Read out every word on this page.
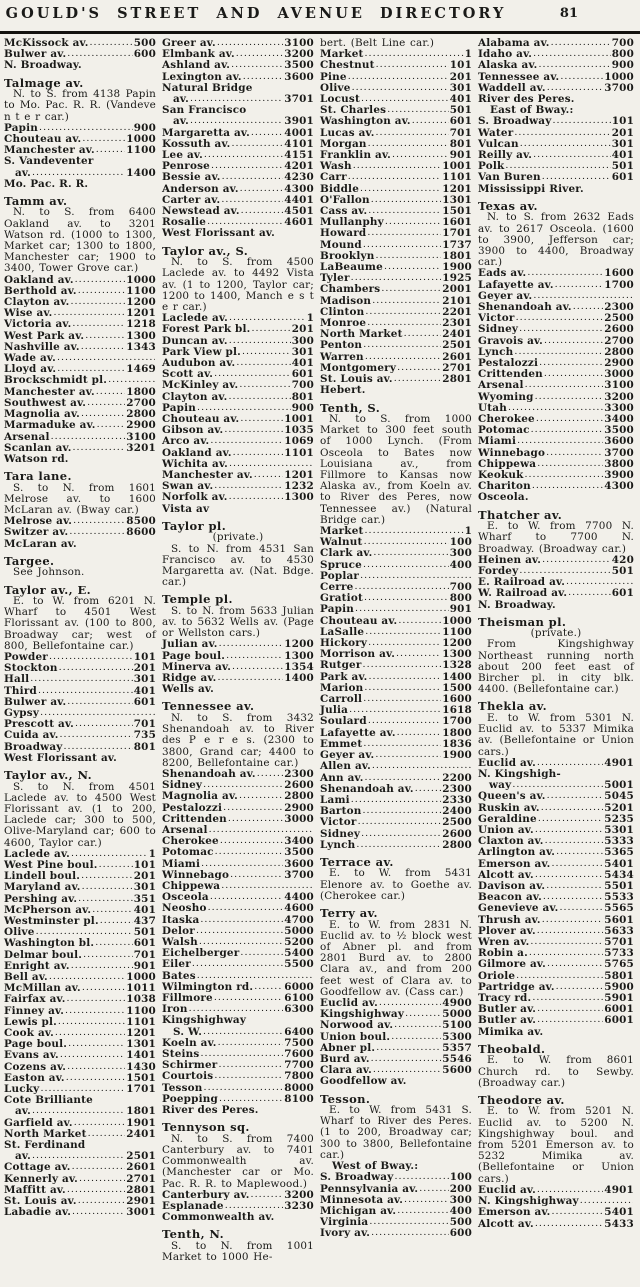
GOULD'S STREET AND AVENUE DIRECTORY	81
McKissock av. .....	500
Bulwer av. .....	600
N. Broadway.
Talmage av.
N. to S. from 4138 Papin to Mo. Pac. R. R. (Vandeve n t e r car.)
Papin .....	900
Chouteau av. .....	1000
Manchester av. .....	1100
S. Vandeventer
av. .....	1400
Mo. Pac. R. R.
Tamm av.
N. to S. from 6400 Oakland av. to 3201 Watson rd. (1000 to 1300, Market car; 1300 to 1800, Manchester car; 1900 to 3400, Tower Grove car.)
Oakland av. .....	1000
Berthold av. .....	1100
Clayton av. .....	1200
Wise av. .....	1201
Victoria av. .....	1218
West Park av. .....	1300
Nashville av. .....	1343
Wade av.
.....
Lloyd av. .....	1469
Brockschmidt pl.
.....
Manchester av. .....	1800
Southwest av. .....	2700
Magnolia av. .....	2800
Marmaduke av. .....	2900
Arsenal .....	3100
Scanlan av. .....	3201
Watson rd.
Tara lane.
S. to N. from 1601 Melrose av. to 1600 McLaran av. (Bway car.)
Melrose av. .....	8500
Switzer av. .....	8600
McLaran av.
Targee.
See Johnson.
Taylor av., E.
E. to W. from 6201 N. Wharf to 4501 West Florissant av. (100 to 800, Broadway car; west of 800, Bellefontaine car.)
Powder .....	101
Stockton .....	201
Hall .....	301
Third .....	401
Bulwer av. .....	601
Gypsy
.....
Prescott av. .....	701
Cuida av. .....	735
Broadway .....	801
West Florissant av.
Taylor av., N.
S. to N. from 4501 Laclede av. to 4500 West Florissant av. (1 to 200, Laclede car; 300 to 500, Olive-Maryland car; 600 to 4600, Taylor car.)
Laclede av. .....	1
West Pine boul. .....	101
Lindell boul. .....	201
Maryland av. .....	301
Pershing av. .....	351
McPherson av. .....	401
Westminster pl. .....	437
Olive .....	501
Washington bl. .....	601
Delmar boul. .....	701
Enright av. .....	901
Bell av. .....	1000
McMillan av. .....	1011
Fairfax av. .....	1038
Finney av. .....	1100
Lewis pl. .....	1101
Cook av. .....	1201
Page boul. .....	1301
Evans av. .....	1401
Cozens av. .....	1430
Easton av. .....	1501
Lucky .....	1701
Cote Brilliante
av. .....	1801
Garfield av. .....	1901
North Market .....	2401
St. Ferdinand
av. .....	2501
Cottage av. .....	2601
Kennerly av. .....	2701
Maffitt av. .....	2801
St. Louis av. .....	2901
Labadie av. .....	3001
Greer av. .....	3100
Elmbank av. .....	3200
Ashland av. .....	3500
Lexington av. .....	3600
Natural Bridge
av. .....	3701
San Francisco
av. .....	3901
Margaretta av. .....	4001
Kossuth av. .....	4101
Lee av. .....	4151
Penrose .....	4201
Bessie av. .....	4230
Anderson av. .....	4300
Carter av. .....	4401
Newstead av. .....	4501
Rosalie .....	4601
West Florissant av.
Taylor av., S.
N. to S. from 4500 Laclede av. to 4492 Vista av. (1 to 1200, Taylor car; 1200 to 1400, Manch e s t e r car.)
Laclede av. .....	1
Forest Park bl. .....	201
Duncan av. .....	300
Park View pl. .....	301
Audubon av. .....	401
Scott av. .....	601
McKinley av. .....	700
Clayton av. .....	801
Papin .....	900
Chouteau av. .....	1001
Gibson av. .....	1035
Arco av. .....	1069
Oakland av. .....	1101
Wichita av.
.....
Manchester av. .....	1201
Swan av. .....	1232
Norfolk av. .....	1300
Vista av
Taylor pl.
(private.)
S. to N. from 4531 San Francisco av. to 4530 Margaretta av. (Nat. Bdge. car.)
Temple pl.
S. to N. from 5633 Julian av. to 5632 Wells av. (Page or Wellston cars.)
Julian av. .....	1200
Page boul. .....	1300
Minerva av. .....	1354
Ridge av. .....	1400
Wells av.
Tennessee av.
N. to S. from 3432 Shenandoah av. to River des P e r e s. (2300 to 3800, Grand car; 4400 to 8200, Bellefontaine car.)
Shenandoah av. .....	2300
Sidney .....	2600
Magnolia av. .....	2800
Pestalozzi .....	2900
Crittenden .....	3000
Arsenal
.....
Cherokee .....	3400
Potomac .....	3500
Miami .....	3600
Winnebago .....	3700
Chippewa
.....
Osceola .....	4400
Neosho .....	4600
Itaska .....	4700
Delor .....	5000
Walsh .....	5200
Eichelberger .....	5400
Eiler .....	5500
Bates
.....
Wilmington rd. .....	6000
Fillmore .....	6100
Iron .....	6300
Kingshighway
S. W. .....	6400
Koeln av. .....	7500
Steins .....	7600
Schirmer .....	7700
Courtois .....	7800
Tesson .....	8000
Poepping .....	8100
River des Peres.
Tennyson sq.
N. to S. from 7400 Canterbury av. to 7401 Commonwealth av. (Manchester car or Mo. Pac. R. R. to Maplewood.)
Canterbury av. .....	3200
Esplanade .....	3230
Commonwealth av.
Tenth, N.
S. to N. from 1001 Market to 1000 He-
bert. (Belt Line car.)
Market .....	1
Chestnut .....	101
Pine .....	201
Olive .....	301
Locust .....	401
St. Charles .....	501
Washington av. .....	601
Lucas av. .....	701
Morgan .....	801
Franklin av. .....	901
Wash .....	1001
Carr .....	1101
Biddle .....	1201
O'Fallon .....	1301
Cass av. .....	1501
Mullanphy .....	1601
Howard .....	1701
Mound .....	1737
Brooklyn .....	1801
LaBeaume .....	1900
Tyler .....	1925
Chambers .....	2001
Madison .....	2101
Clinton .....	2201
Monroe .....	2301
North Market .....	2401
Penton .....	2501
Warren .....	2601
Montgomery .....	2701
St. Louis av. .....	2801
Hebert.
Tenth, S.
N. to S. from 1000 Market to 300 feet south of 1000 Lynch. (From Osceola to Bates now Louisiana av., from Fillmore to Kansas now Alaska av., from Koeln av. to River des Peres, now Tennessee av.) (Natural Bridge car.)
Market .....	1
Walnut .....	100
Clark av. .....	300
Spruce .....	400
Poplar
.....
Cerre .....	700
Gratiot .....	800
Papin .....	901
Chouteau av. .....	1000
LaSalle .....	1100
Hickory .....	1200
Morrison av. .....	1300
Rutger .....	1328
Park av. .....	1400
Marion .....	1500
Carroll .....	1600
Julia .....	1618
Soulard .....	1700
Lafayette av. .....	1800
Emmet .....	1836
Geyer av. .....	1900
Allen av.
.....
Ann av. .....	2200
Shenandoah av. .....	2300
Lami .....	2330
Barton .....	2400
Victor .....	2500
Sidney .....	2600
Lynch .....	2800
Terrace av.
E. to W. from 5431 Elenore av. to Goethe av. (Cherokee car.)
Terry av.
E. to W. from 2831 N. Euclid av. to ½ block west of Abner pl. and from 2801 Burd av. to 2800 Clara av., and from 200 feet west of Clara av. to Goodfellow av. (Cass car.)
Euclid av. .....	4900
Kingshighway .....	5000
Norwood av. .....	5100
Union boul. .....	5300
Abner pl. .....	5357
Burd av. .....	5546
Clara av. .....	5600
Goodfellow av.
Tesson.
E. to W. from 5431 S. Wharf to River des Peres. (1 to 200, Broadway car; 300 to 3800, Bellefontaine car.)
West of Bway.:
S. Broadway .....	100
Pennsylvania av. .....	200
Minnesota av. .....	300
Michigan av. .....	400
Virginia .....	500
Ivory av. .....	600
Alabama av. .....	700
Idaho av. .....	800
Alaska av. .....	900
Tennessee av. .....	1000
Waddell av. .....	3700
River des Peres.
East of Bway.:
S. Broadway .....	101
Water .....	201
Vulcan .....	301
Reilly av. .....	401
Polk .....	501
Van Buren .....	601
Mississippi River.
Texas av.
N. to S. from 2632 Eads av. to 2617 Osceola. (1600 to 3900, Jefferson car; 3900 to 4400, Broadway car.)
Eads av. .....	1600
Lafayette av. .....	1700
Geyer av.
.....
Shenandoah av. .....	2300
Victor .....	2500
Sidney .....	2600
Gravois av. .....	2700
Lynch .....	2800
Pestalozzi .....	2900
Crittenden .....	3000
Arsenal .....	3100
Wyoming .....	3200
Utah .....	3300
Cherokee .....	3400
Potomac .....	3500
Miami .....	3600
Winnebago .....	3700
Chippewa .....	3800
Keokuk .....	3900
Chariton .....	4300
Osceola.
Thatcher av.
E. to W. from 7700 N. Wharf to 7700 N. Broadway. (Broadway car.)
Heinen av. .....	420
Fordey .....	501
E. Railroad av.
.....
W. Railroad av. .....	601
N. Broadway.
Theisman pl.
(private.)
From Kingshighway Northeast running north about 200 feet east of Bircher pl. in city blk. 4400. (Bellefontaine car.)
Thekla av.
E. to W. from 5301 N. Euclid av. to 5337 Mimika av. (Bellefontaine or Union cars.)
Euclid av. .....	4901
N. Kingshigh-
way .....	5001
Queen's av. .....	5045
Ruskin av. .....	5201
Geraldine .....	5235
Union av. .....	5301
Claxton av. .....	5333
Arlington av. .....	5365
Emerson av. .....	5401
Alcott av. .....	5434
Davison av. .....	5501
Beacon av. .....	5533
Genevieve av. .....	5565
Thrush av. .....	5601
Plover av. .....	5633
Wren av. .....	5701
Robin a. .....	5733
Gilmore av. .....	5765
Oriole .....	5801
Partridge av. .....	5900
Tracy rd. .....	5901
Butler av. .....	6001
Butler av. .....	6001
Mimika av.
Theobald.
E. to W. from 8601 Church rd. to Sewby. (Broadway car.)
Theodore av.
E. to W. from 5201 N. Euclid av. to 5200 N. Kingshighway boul. and from 5201 Emerson av. to 5232 Mimika av. (Bellefontaine or Union cars.)
Euclid av. .....	4901
N. Kingshighway
.....
Emerson av. .....	5401
Alcott av. .....	5433
